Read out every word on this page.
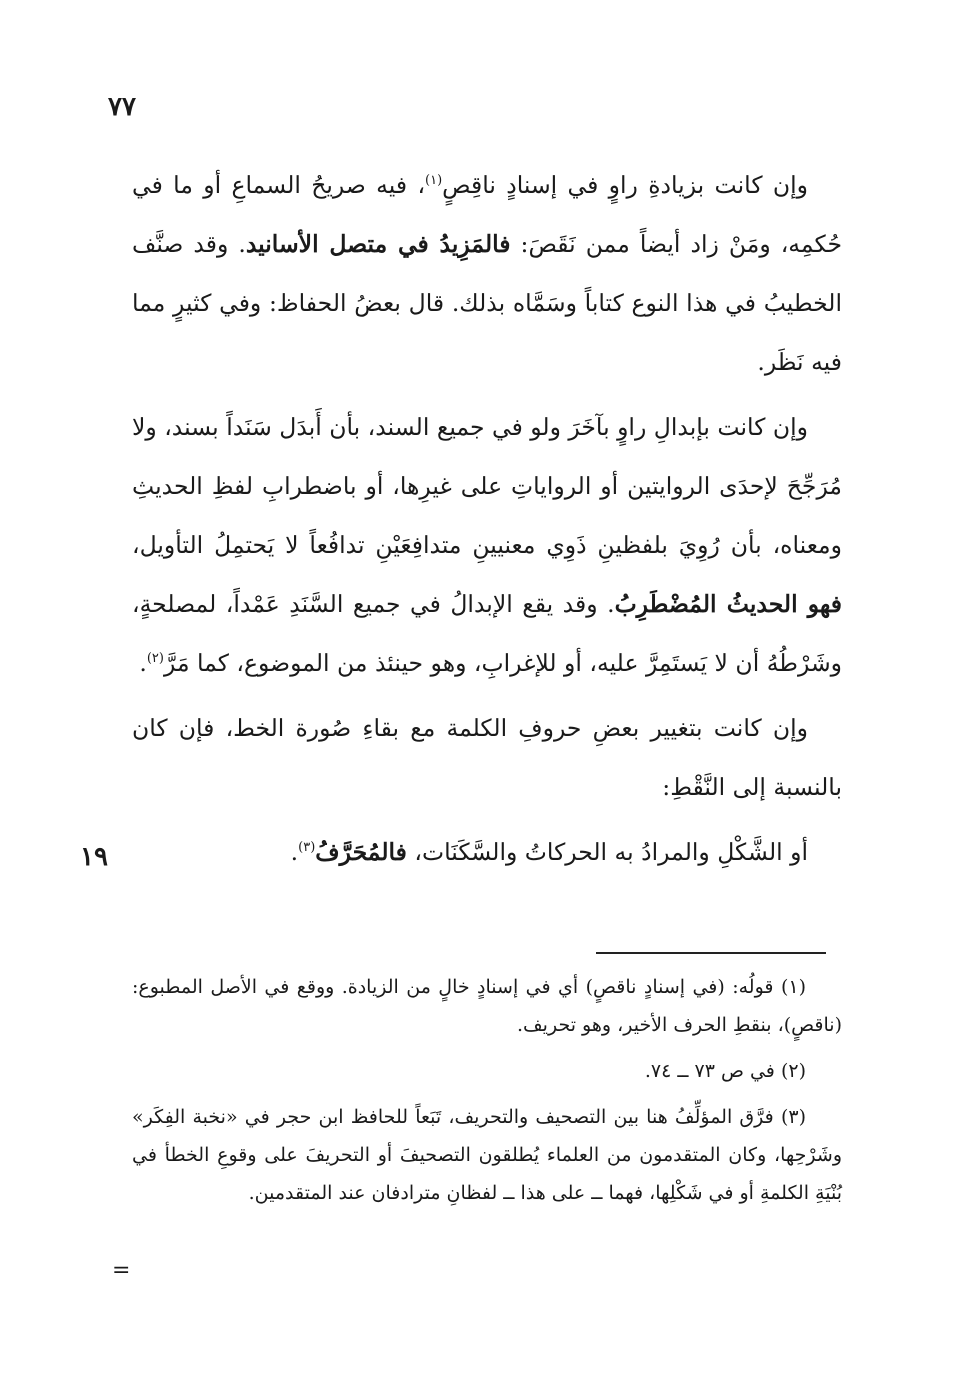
٧٧
١٩
=

وإن كانت بزيادةِ راوٍ في إسنادٍ ناقِصٍ$^{(١)}$، فيه صريحُ السماعِ أو ما في حُكمِه، ومَنْ زاد أيضاً ممن نَقَصَ: فالمَزِيدُ في متصل الأسانيد. وقد صنَّف الخطيبُ في هذا النوع كتاباً وسَمَّاه بذلك. قال بعضُ الحفاظ: وفي كثيرٍ مما فيه نَظَر.

وإن كانت بإبدالِ راوٍ بآخَرَ ولو في جميع السند، بأن أَبدَل سَنَداً بسند، ولا مُرَجِّحَ لإحدَى الروايتين أو الرواياتِ على غيرِها، أو باضطرابِ لفظِ الحديثِ ومعناه، بأن رُوِيَ بلفظينِ ذَوِي معنيينِ متدافِعَيْنِ تدافُعاً لا يَحتمِلُ التأويل، فهو الحديثُ المُضْطَرِبُ. وقد يقع الإبدالُ في جميع السَّنَدِ عَمْداً، لمصلحةٍ، وشَرْطُهُ أن لا يَستَمِرَّ عليه، أو للإغرابِ، وهو حينئذ من الموضوع، كما مَرَّ$^{(٢)}$.

وإن كانت بتغيير بعضِ حروفِ الكلمة مع بقاءِ صُورة الخط، فإن كان بالنسبة إلى النَّقْطِ:

أو الشَّكْلِ والمرادُ به الحركاتُ والسَّكَنَات، فالمُحَرَّفُ$^{(٣)}$.

(١) قولُه: (في إسنادٍ ناقصٍ) أي في إسنادٍ خالٍ من الزيادة. ووقع في الأصل المطبوع: (ناقصٍ)، بنقطِ الحرف الأخير، وهو تحريف.

(٢) في ص ٧٣ ــ ٧٤.

(٣) فرَّق المؤلِّفُ هنا بين التصحيف والتحريف، تَبَعاً للحافظ ابن حجر في «نخبة الفِكَر» وشَرْحِها، وكان المتقدمون من العلماء يُطلقون التصحيفَ أو التحريفَ على وقوعِ الخطأ في بُنْيَةِ الكلمةِ أو في شَكْلِها، فهما ــ على هذا ــ لفظانِ مترادفان عند المتقدمين.
